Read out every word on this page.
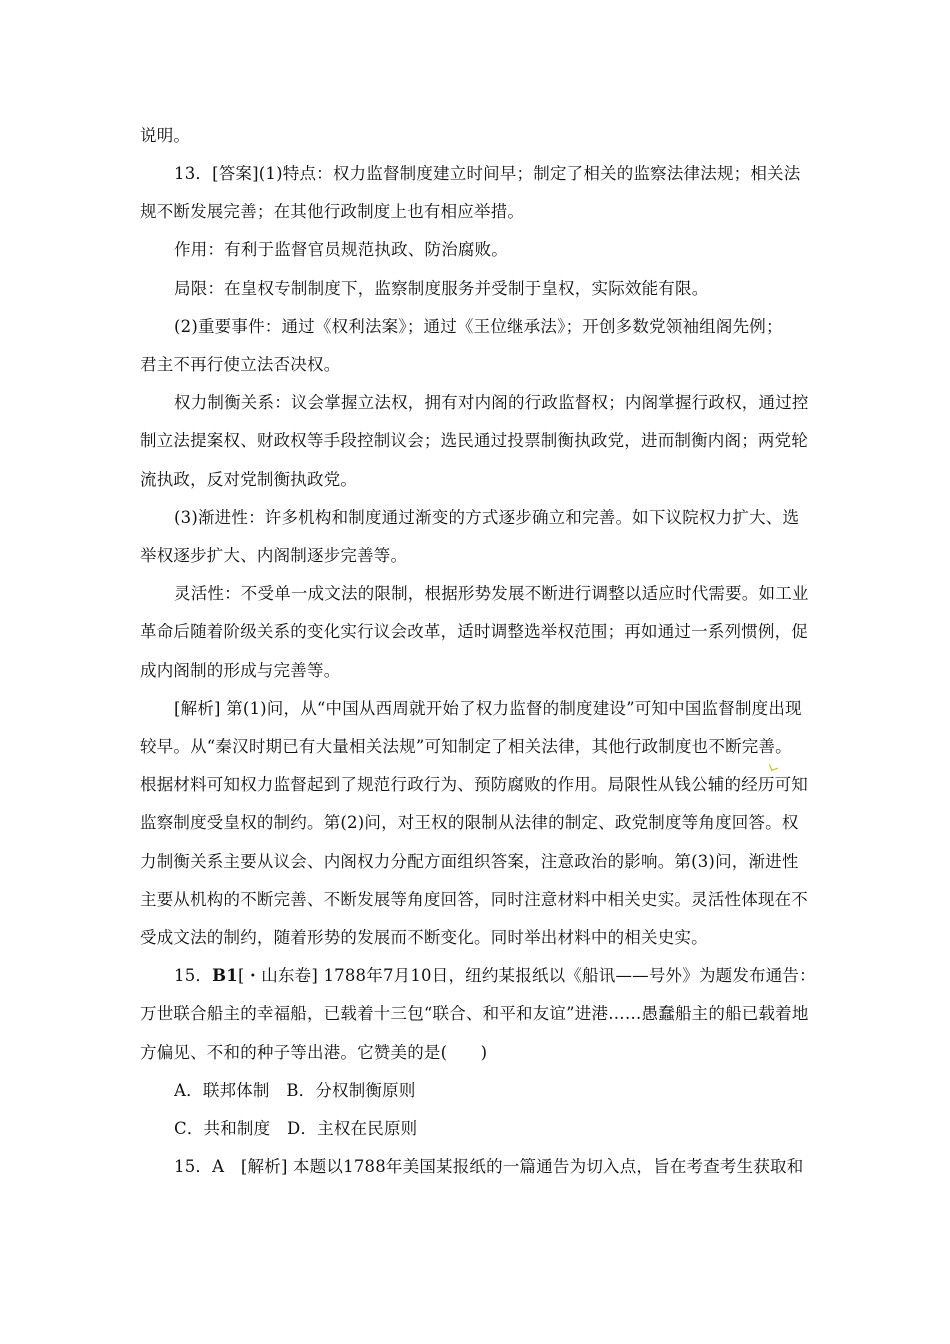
说明。
13．[答案](1)特点：权力监督制度建立时间早；制定了相关的监察法律法规；相关法
规不断发展完善；在其他行政制度上也有相应举措。
作用：有利于监督官员规范执政、防治腐败。
局限：在皇权专制制度下，监察制度服务并受制于皇权，实际效能有限。
(2)重要事件：通过《权利法案》；通过《王位继承法》；开创多数党领袖组阁先例；
君主不再行使立法否决权。
权力制衡关系：议会掌握立法权，拥有对内阁的行政监督权；内阁掌握行政权，通过控
制立法提案权、财政权等手段控制议会；选民通过投票制衡执政党，进而制衡内阁；两党轮
流执政，反对党制衡执政党。
(3)渐进性：许多机构和制度通过渐变的方式逐步确立和完善。如下议院权力扩大、选
举权逐步扩大、内阁制逐步完善等。
灵活性：不受单一成文法的限制，根据形势发展不断进行调整以适应时代需要。如工业
革命后随着阶级关系的变化实行议会改革，适时调整选举权范围；再如通过一系列惯例，促
成内阁制的形成与完善等。
[解析] 第(1)问，从“中国从西周就开始了权力监督的制度建设”可知中国监督制度出现
较早。从“秦汉时期已有大量相关法规”可知制定了相关法律，其他行政制度也不断完善。
根据材料可知权力监督起到了规范行政行为、预防腐败的作用。局限性从钱公辅的经历可知
监察制度受皇权的制约。第(2)问，对王权的限制从法律的制定、政党制度等角度回答。权
力制衡关系主要从议会、内阁权力分配方面组织答案，注意政治的影响。第(3)问，渐进性
主要从机构的不断完善、不断发展等角度回答，同时注意材料中相关史实。灵活性体现在不
受成文法的制约，随着形势的发展而不断变化。同时举出材料中的相关史实。
15．B1[・山东卷] 1788年7月10日，纽约某报纸以《船讯——号外》为题发布通告：
万世联合船主的幸福船，已载着十三包“联合、和平和友谊”进港……愚蠢船主的船已载着地
方偏见、不和的种子等出港。它赞美的是(　　)
A．联邦体制　B．分权制衡原则
C．共和制度　D．主权在民原则
15．A　[解析] 本题以1788年美国某报纸的一篇通告为切入点，旨在考查考生获取和
